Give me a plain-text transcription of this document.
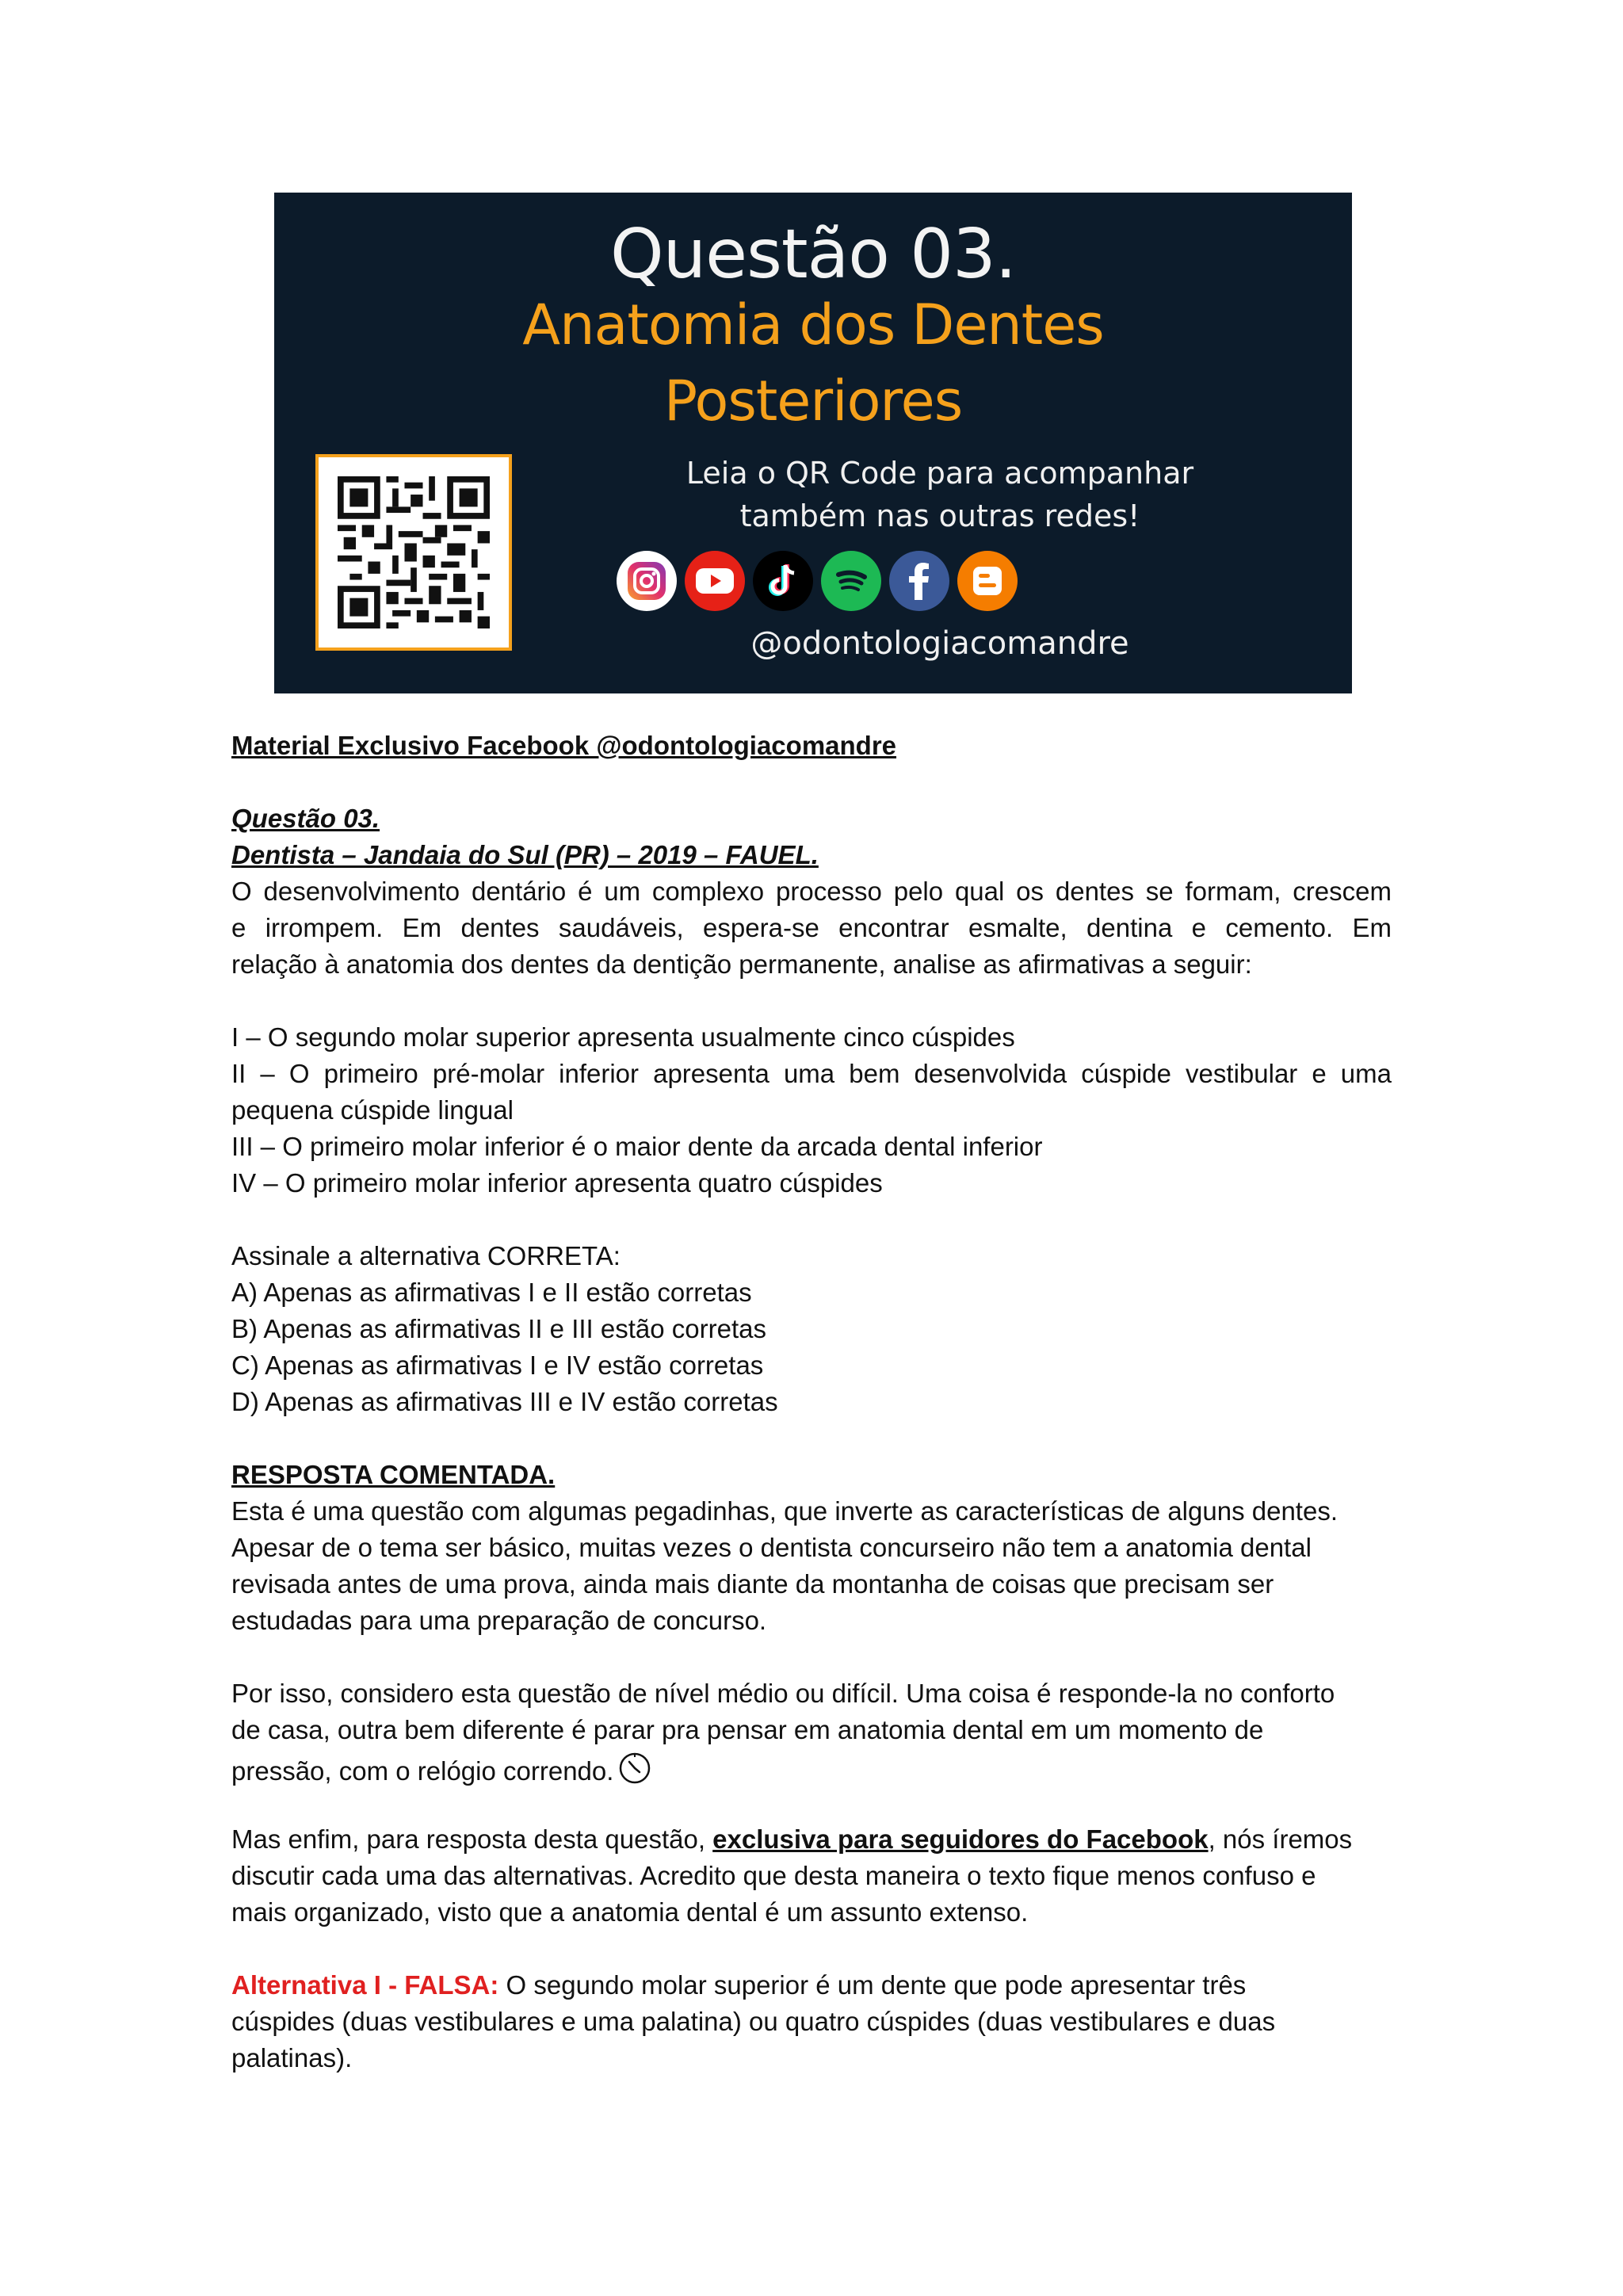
Questão 03.
Anatomia dos Dentes
Posteriores
Leia o QR Code para acompanhar
também nas outras redes!
@odontologiacomandre
Material Exclusivo Facebook @odontologiacomandre
Questão 03.
Dentista – Jandaia do Sul (PR) – 2019 – FAUEL.
O desenvolvimento dentário é um complexo processo pelo qual os dentes se formam, crescem
e irrompem. Em dentes saudáveis, espera-se encontrar esmalte, dentina e cemento. Em
relação à anatomia dos dentes da dentição permanente, analise as afirmativas a seguir:
I – O segundo molar superior apresenta usualmente cinco cúspides
II – O primeiro pré-molar inferior apresenta uma bem desenvolvida cúspide vestibular e uma
pequena cúspide lingual
III – O primeiro molar inferior é o maior dente da arcada dental inferior
IV – O primeiro molar inferior apresenta quatro cúspides
Assinale a alternativa CORRETA:
A) Apenas as afirmativas I e II estão corretas
B) Apenas as afirmativas II e III estão corretas
C) Apenas as afirmativas I e IV estão corretas
D) Apenas as afirmativas III e IV estão corretas
RESPOSTA COMENTADA.
Esta é uma questão com algumas pegadinhas, que inverte as características de alguns dentes.
Apesar de o tema ser básico, muitas vezes o dentista concurseiro não tem a anatomia dental
revisada antes de uma prova, ainda mais diante da montanha de coisas que precisam ser
estudadas para uma preparação de concurso.
Por isso, considero esta questão de nível médio ou difícil. Uma coisa é responde-la no conforto
de casa, outra bem diferente é parar pra pensar em anatomia dental em um momento de
pressão, com o relógio correndo.
Mas enfim, para resposta desta questão, exclusiva para seguidores do Facebook, nós íremos
discutir cada uma das alternativas. Acredito que desta maneira o texto fique menos confuso e
mais organizado, visto que a anatomia dental é um assunto extenso.
Alternativa I - FALSA: O segundo molar superior é um dente que pode apresentar três
cúspides (duas vestibulares e uma palatina) ou quatro cúspides (duas vestibulares e duas
palatinas).
